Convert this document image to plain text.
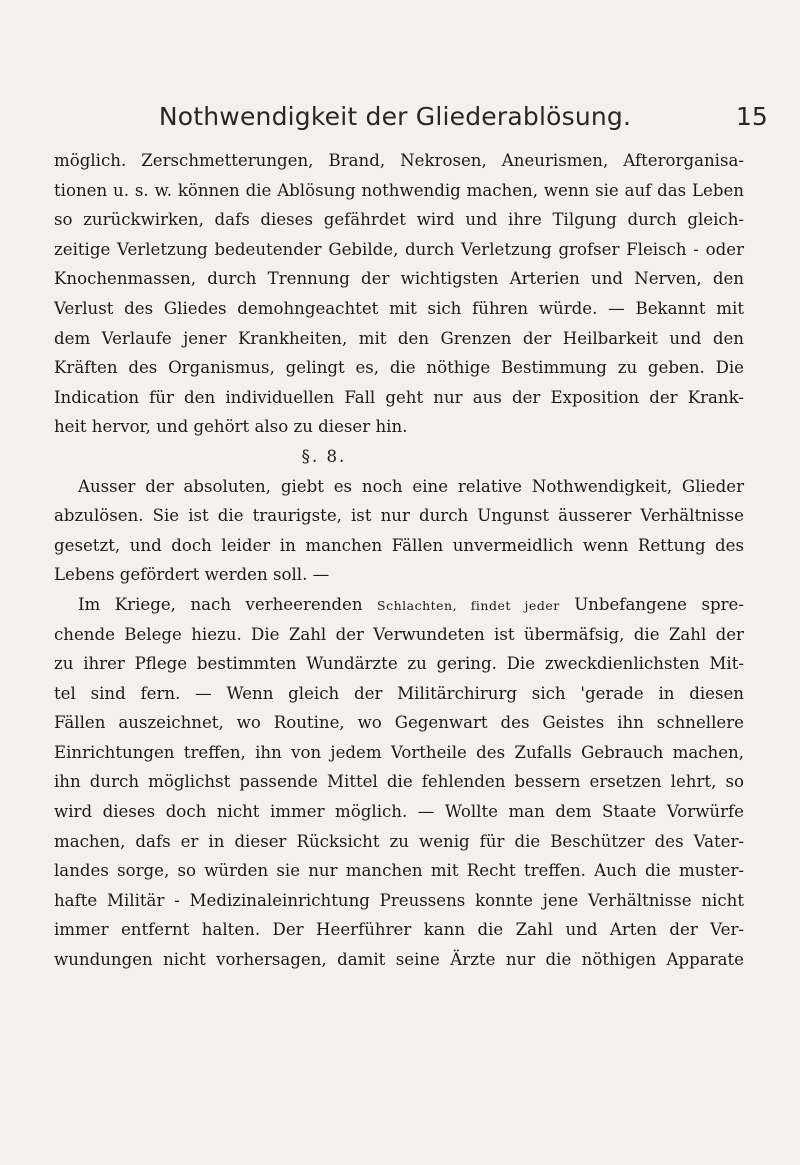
Nothwendigkeit der Gliederablösung.	15
möglich. Zerschmetterungen, Brand, Nekrosen, Aneurismen, Afterorganisa-
tionen u. s. w. können die Ablösung nothwendig machen, wenn sie auf das Leben
so zurückwirken, dafs dieses gefährdet wird und ihre Tilgung durch gleich-
zeitige Verletzung bedeutender Gebilde, durch Verletzung grofser Fleisch - oder
Knochenmassen, durch Trennung der wichtigsten Arterien und Nerven, den
Verlust des Gliedes demohngeachtet mit sich führen würde. — Bekannt mit
dem Verlaufe jener Krankheiten, mit den Grenzen der Heilbarkeit und den
Kräften des Organismus, gelingt es, die nöthige Bestimmung zu geben. Die
Indication für den individuellen Fall geht nur aus der Exposition der Krank-
heit hervor, und gehört also zu dieser hin.
§. 8.
Ausser der absoluten, giebt es noch eine relative Nothwendigkeit, Glieder
abzulösen. Sie ist die traurigste, ist nur durch Ungunst äusserer Verhältnisse
gesetzt, und doch leider in manchen Fällen unvermeidlich wenn Rettung des
Lebens gefördert werden soll. —
Im Kriege, nach verheerenden Schlachten, findet jeder Unbefangene spre-
chende Belege hiezu. Die Zahl der Verwundeten ist übermäfsig, die Zahl der
zu ihrer Pflege bestimmten Wundärzte zu gering. Die zweckdienlichsten Mit-
tel sind fern. — Wenn gleich der Militärchirurg sich 'gerade in diesen
Fällen auszeichnet, wo Routine, wo Gegenwart des Geistes ihn schnellere
Einrichtungen treffen, ihn von jedem Vortheile des Zufalls Gebrauch machen,
ihn durch möglichst passende Mittel die fehlenden bessern ersetzen lehrt, so
wird dieses doch nicht immer möglich. — Wollte man dem Staate Vorwürfe
machen, dafs er in dieser Rücksicht zu wenig für die Beschützer des Vater-
landes sorge, so würden sie nur manchen mit Recht treffen. Auch die muster-
hafte Militär - Medizinaleinrichtung Preussens konnte jene Verhältnisse nicht
immer entfernt halten. Der Heerführer kann die Zahl und Arten der Ver-
wundungen nicht vorhersagen, damit seine Ärzte nur die nöthigen Apparate
